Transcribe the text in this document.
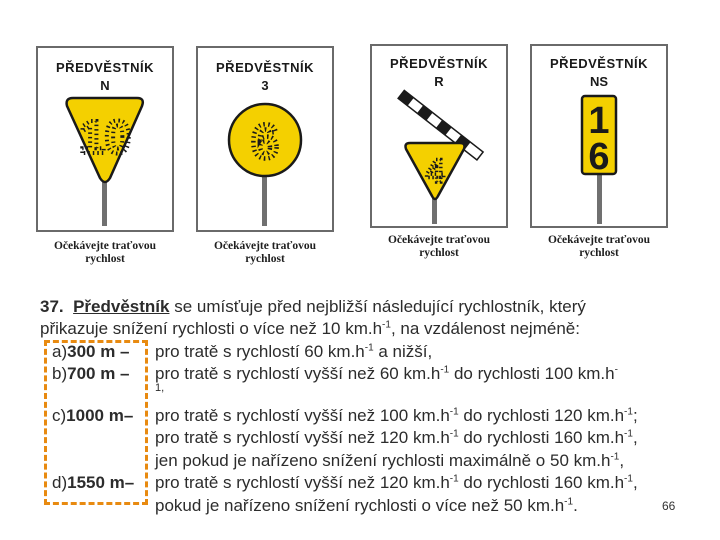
PŘEDVĚSTNÍK
N
10
PŘEDVĚSTNÍK
3
6
PŘEDVĚSTNÍK
R
4
PŘEDVĚSTNÍK
NS
1
6
Očekávejte traťovou
rychlost
Očekávejte traťovou
rychlost
Očekávejte traťovou
rychlost
Očekávejte traťovou
rychlost
37. Předvěstník se umísťuje před nejbližší následující rychlostník, který
přikazuje snížení rychlosti o více než 10 $km.h^{-1}$, na vzdálenost nejméně:
a)300 m –
b)700 m –
c)1000 m–
d)1550 m–
pro tratě s rychlostí 60 $km.h^{-1}$ a nižší,
pro tratě s rychlostí vyšší než 60 $km.h^{-1}$ do rychlosti 100 km.h-
1,
pro tratě s rychlostí vyšší než 100 $km.h^{-1}$ do rychlosti 120 $km.h^{-1}$;
pro tratě s rychlostí vyšší než 120 $km.h^{-1}$ do rychlosti 160 $km.h^{-1}$,
jen pokud je nařízeno snížení rychlosti maximálně o 50 $km.h^{-1}$,
pro tratě s rychlostí vyšší než 120 $km.h^{-1}$ do rychlosti 160 $km.h^{-1}$,
pokud je nařízeno snížení rychlosti o více než 50 $km.h^{-1}$.	66
